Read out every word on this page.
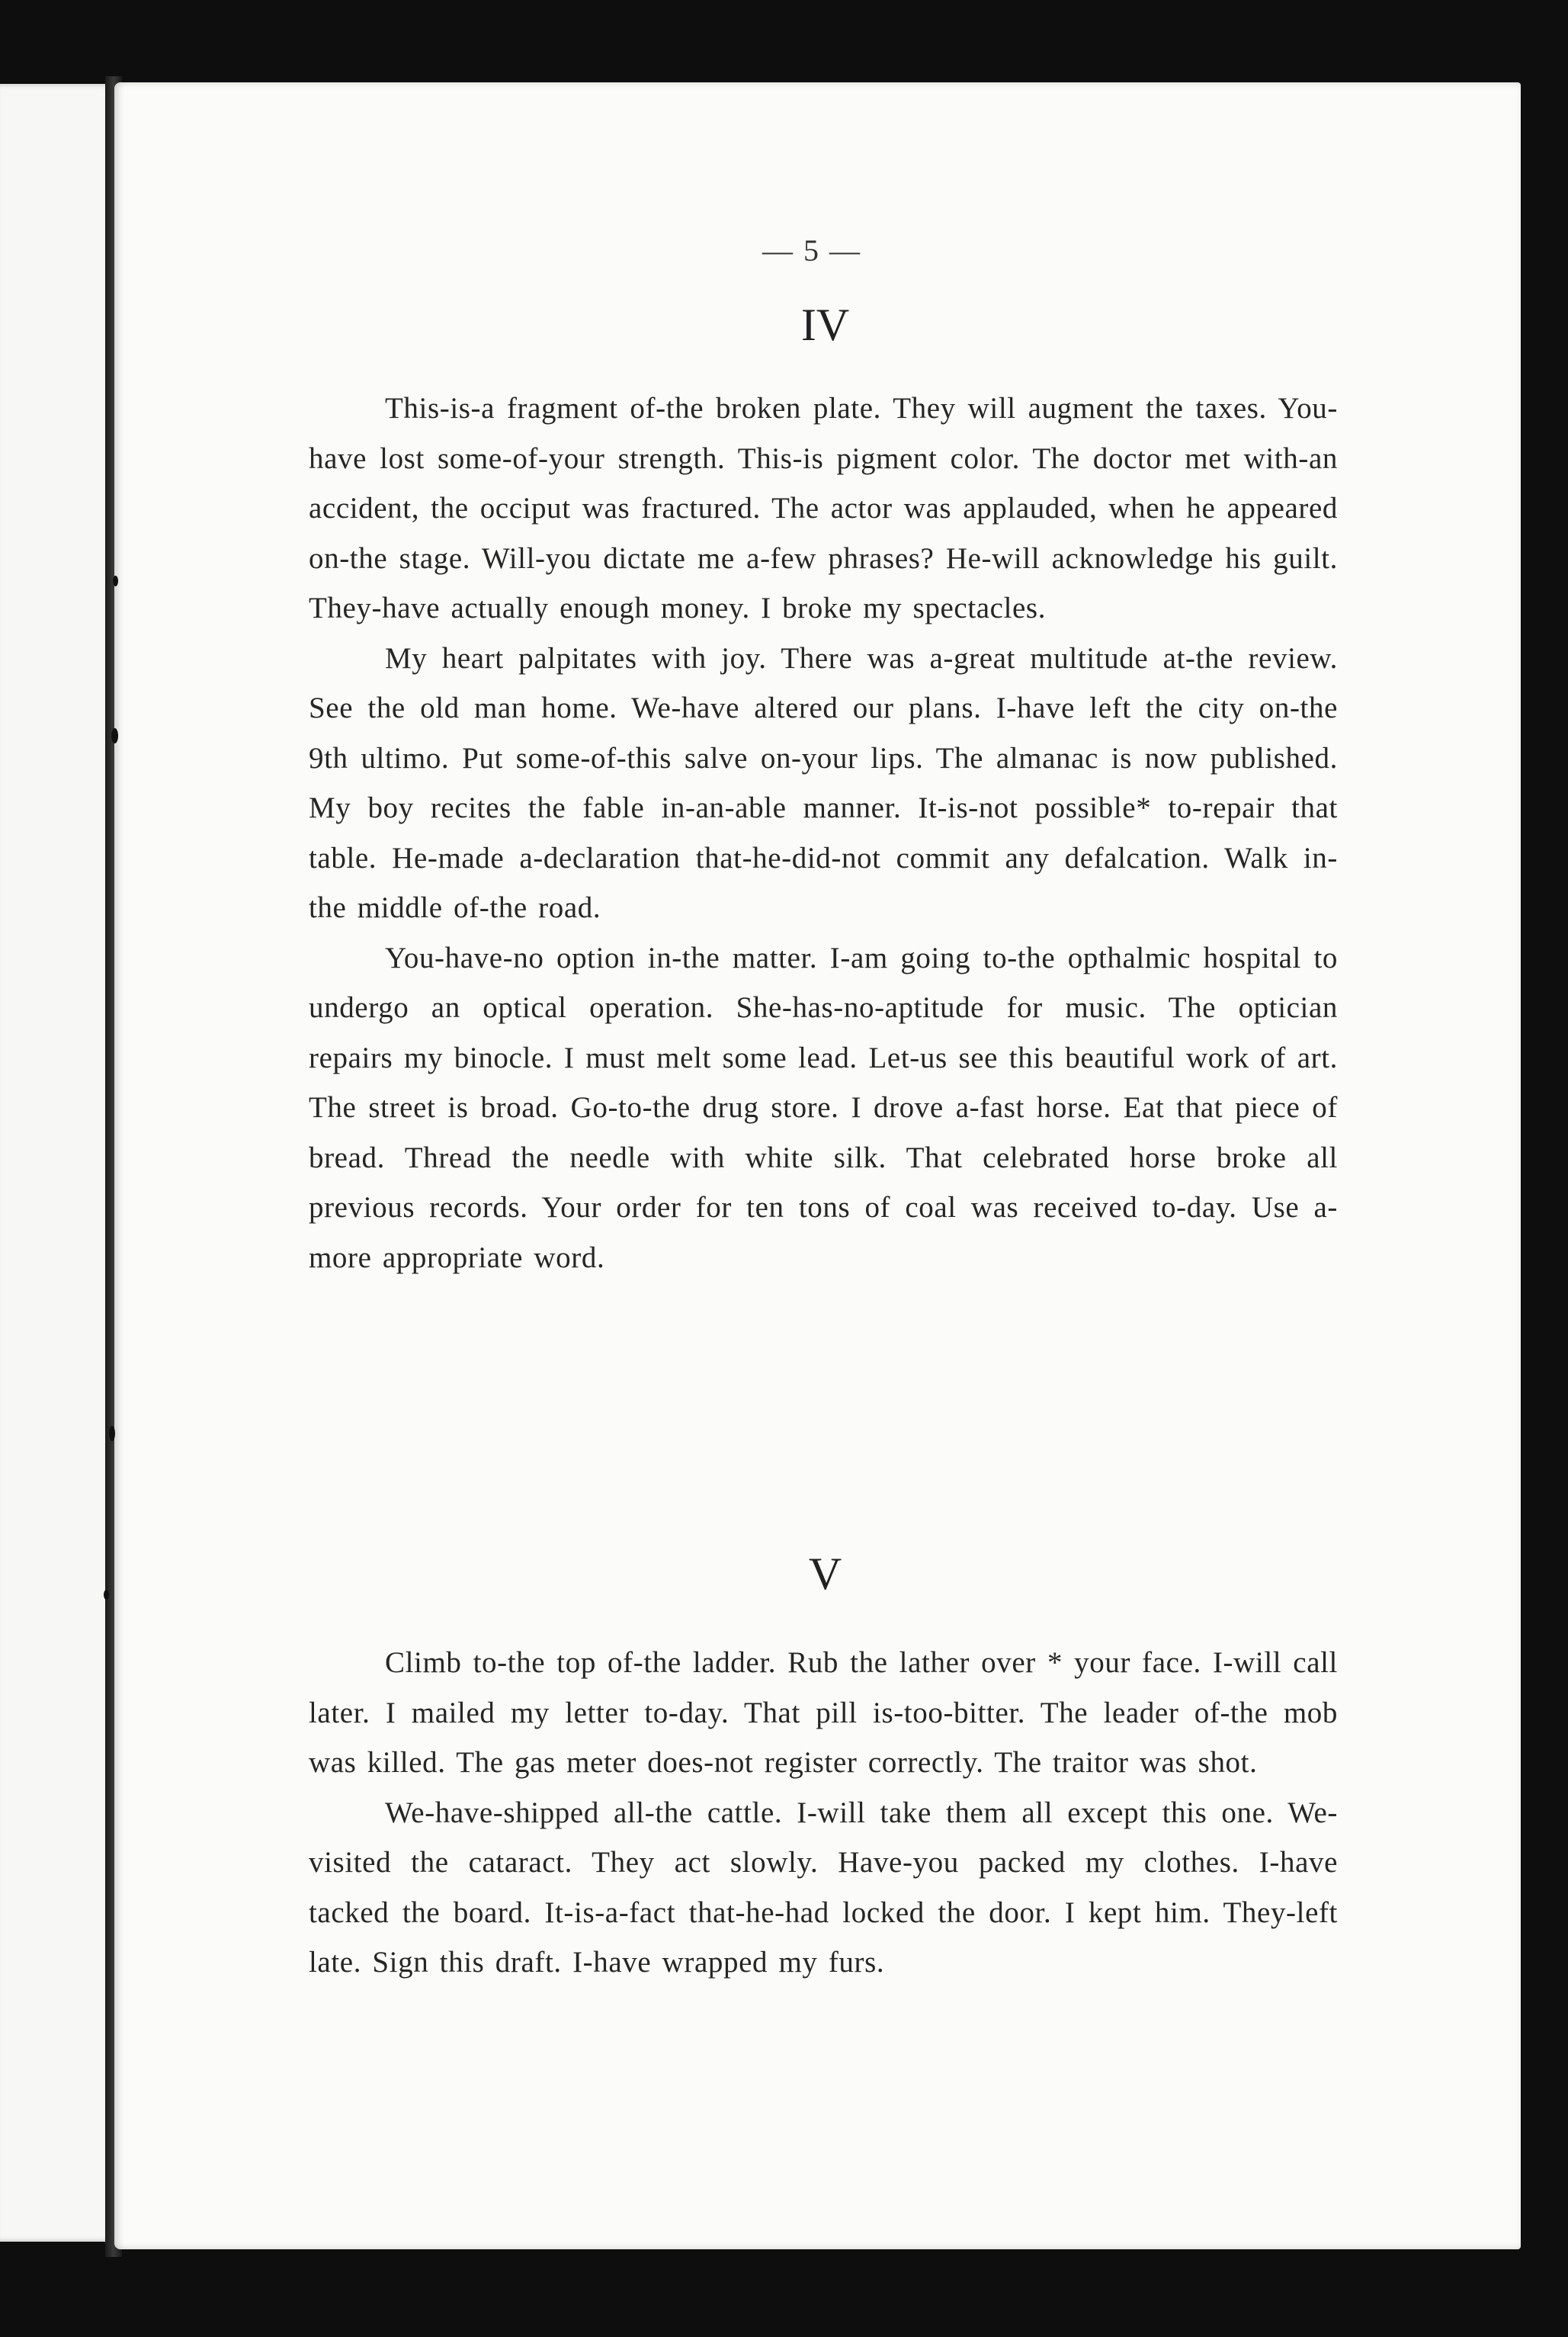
— 5 —
IV

This-is-a fragment of-the broken plate. They will augment the taxes. You-have lost some-of-your strength. This-is pigment color. The doctor met with-an accident, the occiput was fractured. The actor was applauded, when he appeared on-the stage. Will-you dictate me a-few phrases? He-will acknowledge his guilt. They-have actually enough money. I broke my spectacles.

My heart palpitates with joy. There was a-great multitude at-the review. See the old man home. We-have altered our plans. I-have left the city on-the 9th ultimo. Put some-of-this salve on-your lips. The almanac is now published. My boy recites the fable in-an-able manner. It-is-not possible* to-repair that table. He-made a-declaration that-he-did-not commit any defalcation. Walk in-the middle of-the road.

You-have-no option in-the matter. I-am going to-the opthalmic hospital to undergo an optical operation. She-has-no-aptitude for music. The optician repairs my binocle. I must melt some lead. Let-us see this beautiful work of art. The street is broad. Go-to-the drug store. I drove a-fast horse. Eat that piece of bread. Thread the needle with white silk. That celebrated horse broke all previous records. Your order for ten tons of coal was received to-day. Use a-more appropriate word.

V

Climb to-the top of-the ladder. Rub the lather over * your face. I-will call later. I mailed my letter to-day. That pill is-too-bitter. The leader of-the mob was killed. The gas meter does-not register correctly. The traitor was shot.

We-have-shipped all-the cattle. I-will take them all except this one. We-visited the cataract. They act slowly. Have-you packed my clothes. I-have tacked the board. It-is-a-fact that-he-had locked the door. I kept him. They-left late. Sign this draft. I-have wrapped my furs.
